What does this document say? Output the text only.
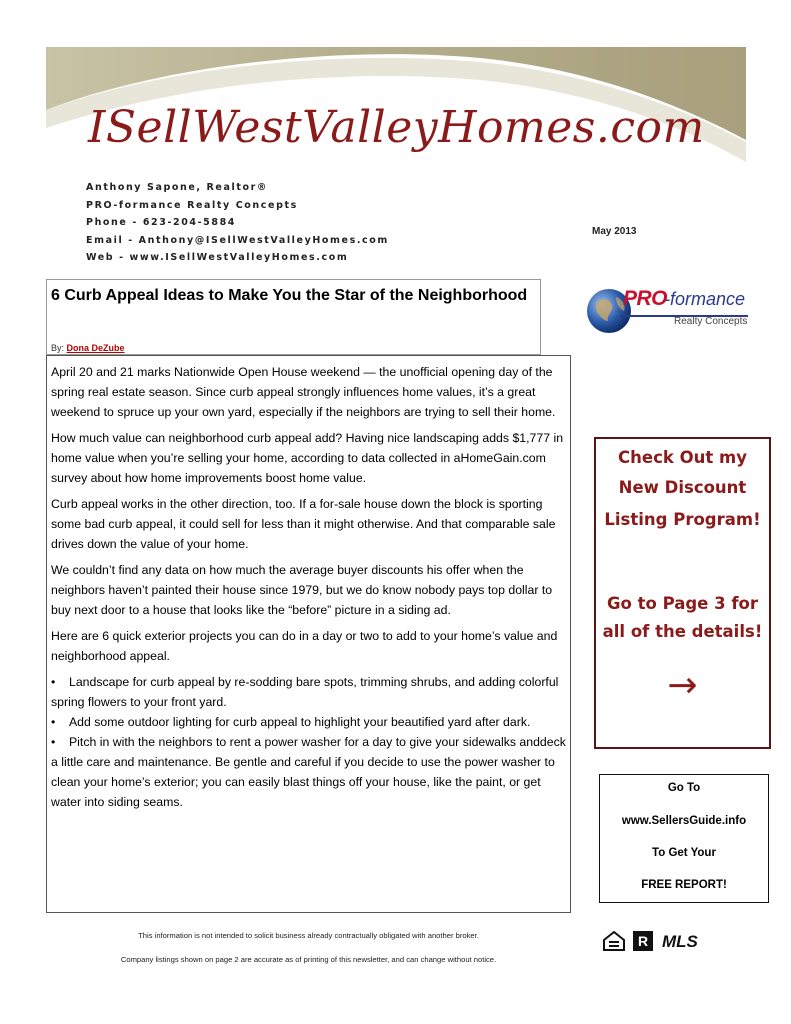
ISellWestValleyHomes.com
Anthony Sapone, Realtor®
PRO-formance Realty Concepts
Phone - 623-204-5884
Email - Anthony@ISellWestValleyHomes.com
Web - www.ISellWestValleyHomes.com
May 2013
6 Curb Appeal Ideas to Make You the Star of the Neighborhood
By: Dona DeZube

April 20 and 21 marks Nationwide Open House weekend — the unofficial opening day of the spring real estate season. Since curb appeal strongly influences home values, it’s a great weekend to spruce up your own yard, especially if the neighbors are trying to sell their home.

How much value can neighborhood curb appeal add? Having nice landscaping adds $1,777 in home value when you’re selling your home, according to data collected in aHomeGain.com survey about how home improvements boost home value.

Curb appeal works in the other direction, too. If a for-sale house down the block is sporting some bad curb appeal, it could sell for less than it might otherwise. And that comparable sale drives down the value of your home.

We couldn’t find any data on how much the average buyer discounts his offer when the neighbors haven’t painted their house since 1979, but we do know nobody pays top dollar to buy next door to a house that looks like the “before” picture in a siding ad.

Here are 6 quick exterior projects you can do in a day or two to add to your home’s value and neighborhood appeal.

•    Landscape for curb appeal by re-sodding bare spots, trimming shrubs, and adding colorful spring flowers to your front yard.
•    Add some outdoor lighting for curb appeal to highlight your beautified yard after dark.
•    Pitch in with the neighbors to rent a power washer for a day to give your sidewalks anddeck a little care and maintenance. Be gentle and careful if you decide to use the power washer to clean your home’s exterior; you can easily blast things off your house, like the paint, or get water into siding seams.
PRO
-formance
Realty Concepts
Check Out my
New Discount
Listing Program!
Go to Page 3 for
all of the details!
→
Go To
www.SellersGuide.info
To Get Your
FREE REPORT!
This information is not intended to solicit business already contractually obligated with another broker.
Company listings shown on page 2 are accurate as of printing of this newsletter, and can change without notice.
R MLS
